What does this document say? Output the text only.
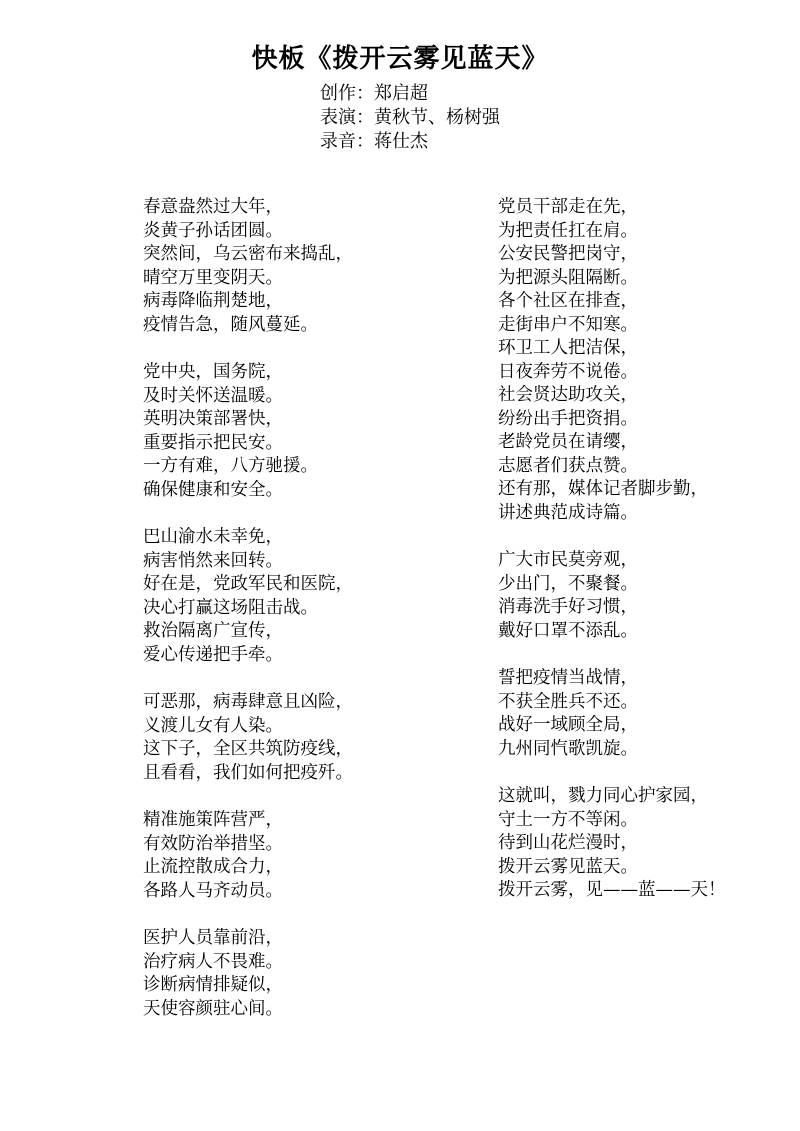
快板《拨开云雾见蓝天》
创作：郑启超
表演：黄秋节、杨树强
录音：蒋仕杰
春意盎然过大年，
炎黄子孙话团圆。
突然间，乌云密布来捣乱，
晴空万里变阴天。
病毒降临荆楚地，
疫情告急，随风蔓延。
党中央，国务院，
及时关怀送温暖。
英明决策部署快，
重要指示把民安。
一方有难，八方驰援。
确保健康和安全。
巴山渝水未幸免，
病害悄然来回转。
好在是，党政军民和医院，
决心打赢这场阻击战。
救治隔离广宣传，
爱心传递把手牵。
可恶那，病毒肆意且凶险，
义渡儿女有人染。
这下子，全区共筑防疫线，
且看看，我们如何把疫歼。
精准施策阵营严，
有效防治举措坚。
止流控散成合力，
各路人马齐动员。
医护人员靠前沿，
治疗病人不畏难。
诊断病情排疑似，
天使容颜驻心间。
党员干部走在先，
为把责任扛在肩。
公安民警把岗守，
为把源头阻隔断。
各个社区在排查，
走街串户不知寒。
环卫工人把洁保，
日夜奔劳不说倦。
社会贤达助攻关，
纷纷出手把资捐。
老龄党员在请缨，
志愿者们获点赞。
还有那，媒体记者脚步勤，
讲述典范成诗篇。
广大市民莫旁观，
少出门，不聚餐。
消毒洗手好习惯，
戴好口罩不添乱。
誓把疫情当战情，
不获全胜兵不还。
战好一域顾全局，
九州同忾歌凯旋。
这就叫，戮力同心护家园，
守土一方不等闲。
待到山花烂漫时，
拨开云雾见蓝天。
拨开云雾，见——蓝——天！
